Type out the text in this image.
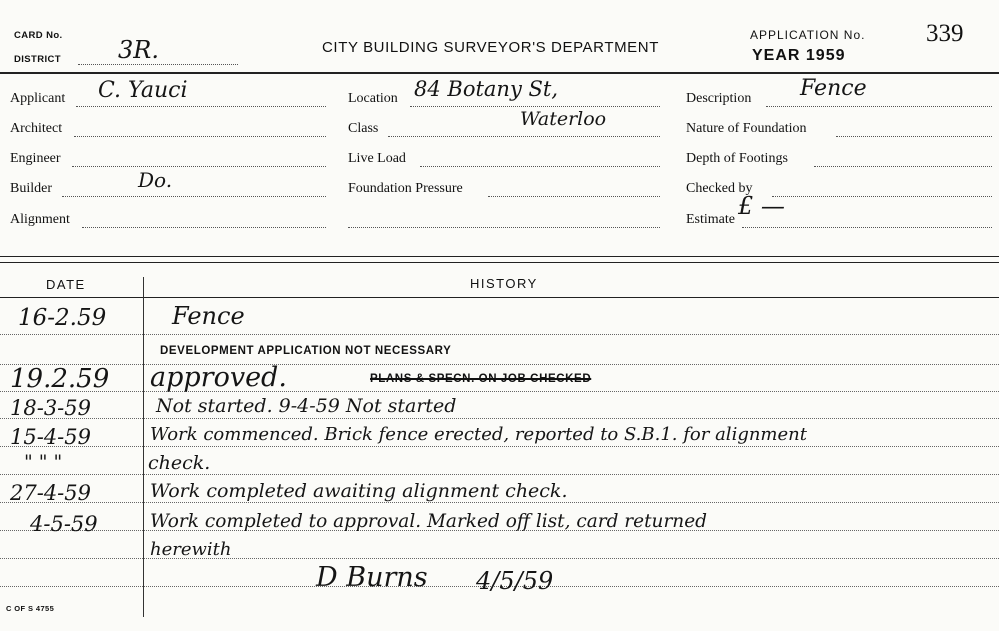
CARD No.
DISTRICT 3R.	CITY BUILDING SURVEYOR'S DEPARTMENT
APPLICATION No.
YEAR 1959
339
Applicant C. Yauci
Architect
Engineer
Builder	Do.
Alignment
Location 84 Botany St,
Class	Waterloo
Live Load
Foundation Pressure
Description Fence
Nature of Foundation
Depth of Footings
Checked by
Estimate £ —
DATE	HISTORY
16-2.59	Fence
DEVELOPMENT APPLICATION NOT NECESSARY
19.2.59 approved.	PLANS & SPECN. ON JOB CHECKED
18-3-59	Not started. 9-4-59 Not started
15-4-59	Work commenced. Brick fence erected, reported to S.B.1. for alignment
" " "	check.
27-4-59	Work completed awaiting alignment check.
4-5-59	Work completed to approval. Marked off list, card returned
herewith
D Burns 4/5/59
C OF S 4755
